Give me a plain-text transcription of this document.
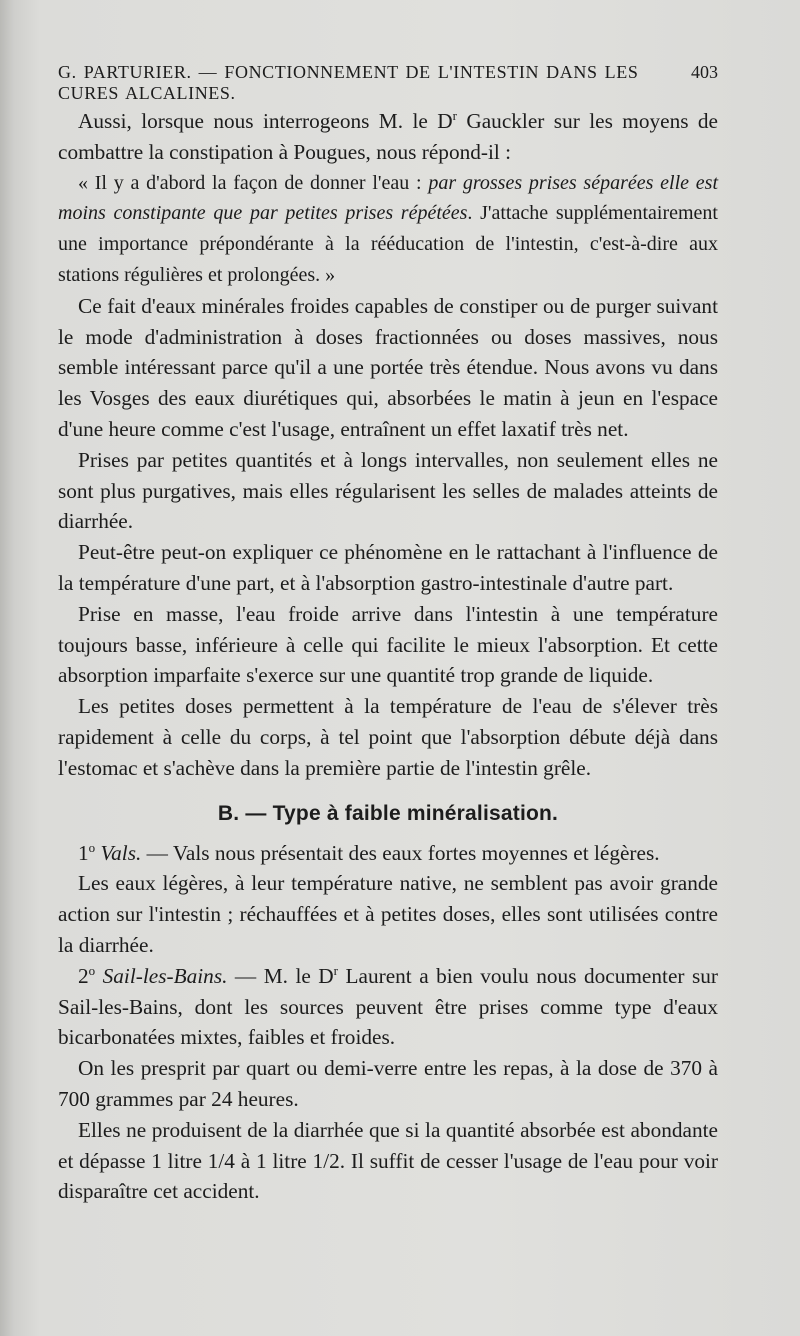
G. PARTURIER. — FONCTIONNEMENT DE L'INTESTIN DANS LES CURES ALCALINES.
403

Aussi, lorsque nous interrogeons M. le $D^r$ Gauckler sur les moyens de combattre la constipation à Pougues, nous répond-il :

« Il y a d'abord la façon de donner l'eau : par grosses prises séparées elle est moins constipante que par petites prises répétées. J'attache supplémentairement une importance prépondérante à la rééducation de l'intestin, c'est-à-dire aux stations régulières et prolongées. »

Ce fait d'eaux minérales froides capables de constiper ou de purger suivant le mode d'administration à doses fractionnées ou doses massives, nous semble intéressant parce qu'il a une portée très étendue. Nous avons vu dans les Vosges des eaux diurétiques qui, absorbées le matin à jeun en l'espace d'une heure comme c'est l'usage, entraînent un effet laxatif très net.

Prises par petites quantités et à longs intervalles, non seulement elles ne sont plus purgatives, mais elles régularisent les selles de malades atteints de diarrhée.

Peut-être peut-on expliquer ce phénomène en le rattachant à l'influence de la température d'une part, et à l'absorption gastro-intestinale d'autre part.

Prise en masse, l'eau froide arrive dans l'intestin à une température toujours basse, inférieure à celle qui facilite le mieux l'absorption. Et cette absorption imparfaite s'exerce sur une quantité trop grande de liquide.

Les petites doses permettent à la température de l'eau de s'élever très rapidement à celle du corps, à tel point que l'absorption débute déjà dans l'estomac et s'achève dans la première partie de l'intestin grêle.

B. — Type à faible minéralisation.

1$^o$ Vals. — Vals nous présentait des eaux fortes moyennes et légères.

Les eaux légères, à leur température native, ne semblent pas avoir grande action sur l'intestin ; réchauffées et à petites doses, elles sont utilisées contre la diarrhée.

2$^o$ Sail-les-Bains. — M. le $D^r$ Laurent a bien voulu nous documenter sur Sail-les-Bains, dont les sources peuvent être prises comme type d'eaux bicarbonatées mixtes, faibles et froides.

On les presprit par quart ou demi-verre entre les repas, à la dose de 370 à 700 grammes par 24 heures.

Elles ne produisent de la diarrhée que si la quantité absorbée est abondante et dépasse 1 litre 1/4 à 1 litre 1/2. Il suffit de cesser l'usage de l'eau pour voir disparaître cet accident.
